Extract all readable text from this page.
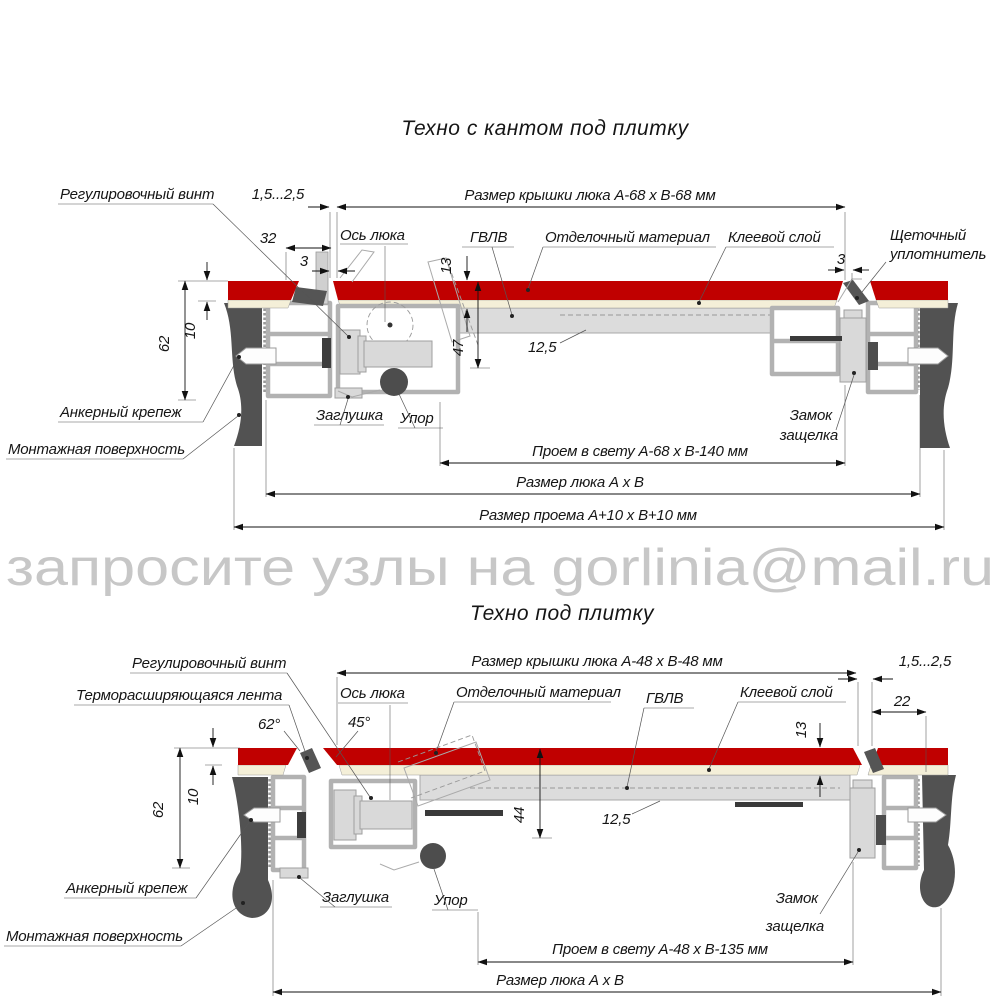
Техно с кантом под плитку
1,5...2,5	Размер крышки люка А-68 х В-68 мм
32
3
Ось люка
13
ГВЛВ	Отделочный материал Клеевой слой
3
Щеточный
уплотнитель
Регулировочный винт
62
10
47	12,5
Анкерный крепеж
Монтажная поверхность
Заглушка Упор	Замок
защелка
Проем в свету А-68 х В-140 мм
Размер люка А х В
Размер проема А+10 х В+10 мм
запросите узлы на gorlinia@mail.ru
Техно под плитку
Размер крышки люка А-48 х В-48 мм	1,5...2,5
22
Регулировочный винт
Терморасширяющаяся лента
62°
Ось люка
45°
Отделочный материал ГВЛВ	Клеевой слой
13
62
10
44	12,5
Анкерный крепеж
Монтажная поверхность
Заглушка	Упор	Замок
защелка
Проем в свету А-48 х В-135 мм
Размер люка А х В
